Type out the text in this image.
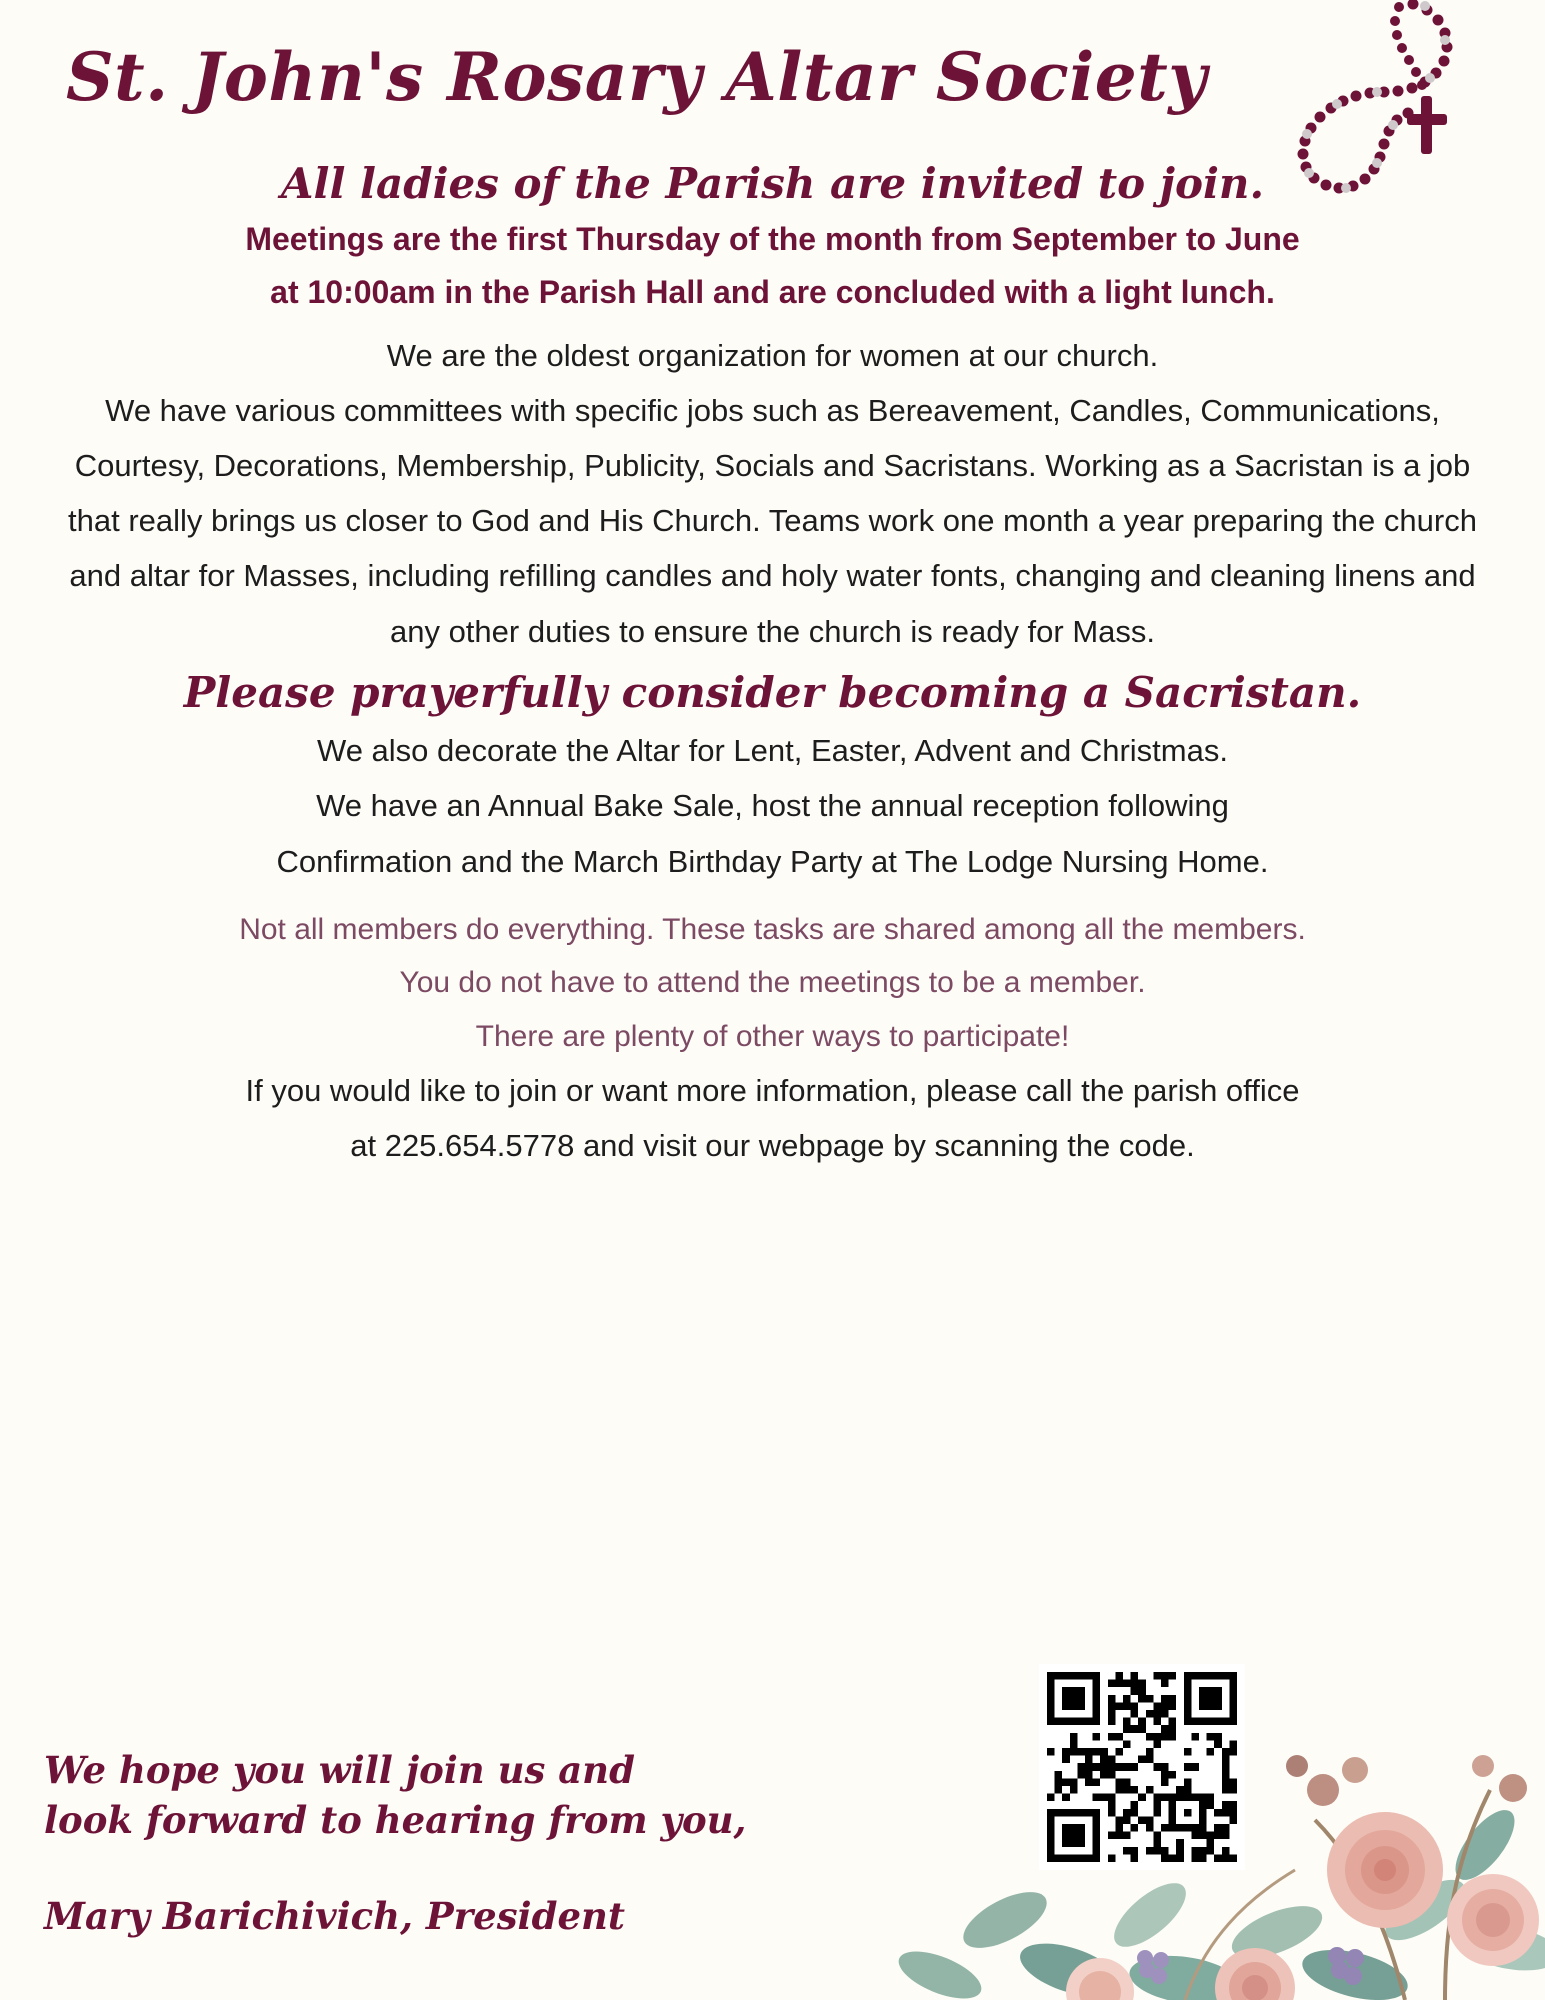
St. John's Rosary Altar Society
All ladies of the Parish are invited to join.
Meetings are the first Thursday of the month from September to June
at 10:00am in the Parish Hall and are concluded with a light lunch.
We are the oldest organization for women at our church.
We have various committees with specific jobs such as Bereavement, Candles, Communications, Courtesy, Decorations, Membership, Publicity, Socials and Sacristans. Working as a Sacristan is a job that really brings us closer to God and His Church. Teams work one month a year preparing the church and altar for Masses, including refilling candles and holy water fonts, changing and cleaning linens and any other duties to ensure the church is ready for Mass.
Please prayerfully consider becoming a Sacristan.
We also decorate the Altar for Lent, Easter, Advent and Christmas.
We have an Annual Bake Sale, host the annual reception following
Confirmation and the March Birthday Party at The Lodge Nursing Home.
Not all members do everything. These tasks are shared among all the members.
You do not have to attend the meetings to be a member.
There are plenty of other ways to participate!
If you would like to join or want more information, please call the parish office
at 225.654.5778 and visit our webpage by scanning the code.
We hope you will join us and
look forward to hearing from you,
Mary Barichivich, President
